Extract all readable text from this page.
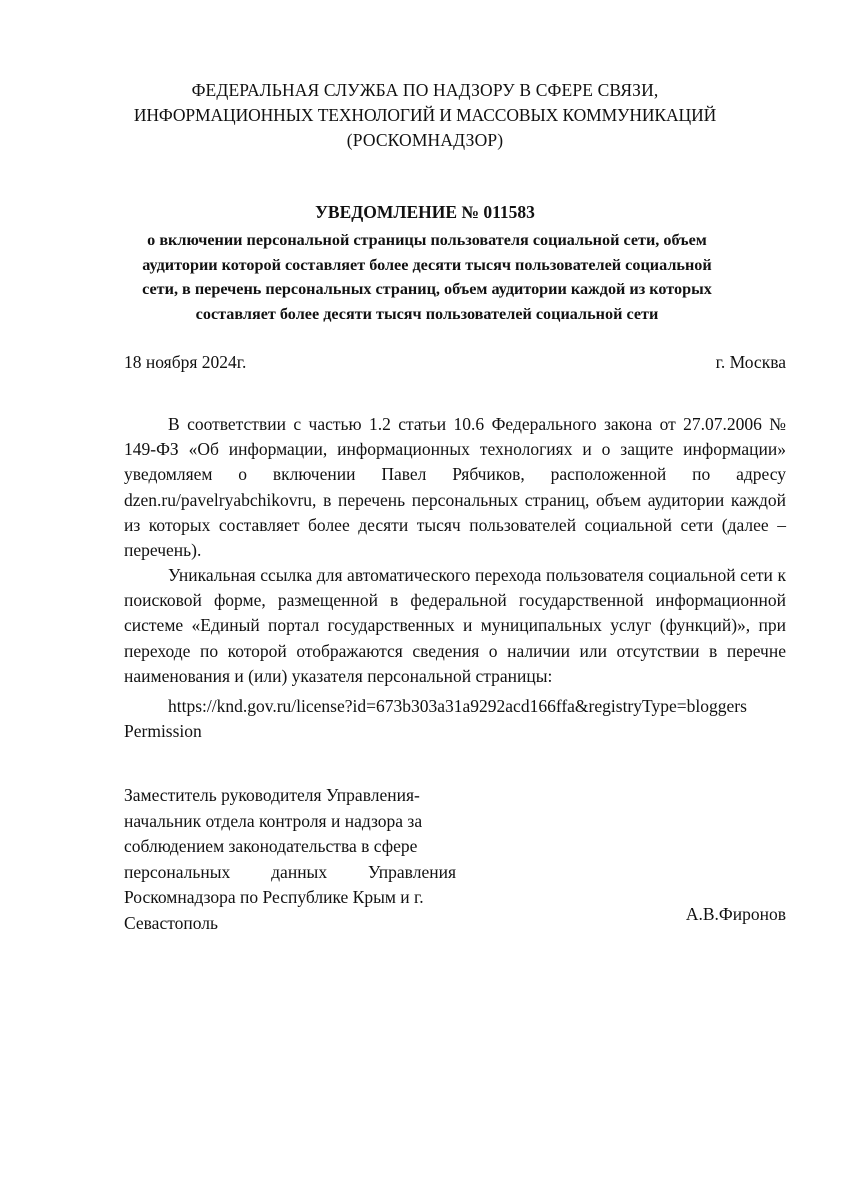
ФЕДЕРАЛЬНАЯ СЛУЖБА ПО НАДЗОРУ В СФЕРЕ СВЯЗИ,
ИНФОРМАЦИОННЫХ ТЕХНОЛОГИЙ И МАССОВЫХ КОММУНИКАЦИЙ
(РОСКОМНАДЗОР)
УВЕДОМЛЕНИЕ № 011583
о включении персональной страницы пользователя социальной сети, объем
аудитории которой составляет более десяти тысяч пользователей социальной
сети, в перечень персональных страниц, объем аудитории каждой из которых
составляет более десяти тысяч пользователей социальной сети
18 ноября 2024г.	г. Москва

В соответствии с частью 1.2 статьи 10.6 Федерального закона от 27.07.2006 № 149-ФЗ «Об информации, информационных технологиях и о защите информации» уведомляем о включении Павел Рябчиков, расположенной по адресу dzen.ru/pavelryabchikovru, в перечень персональных страниц, объем аудитории каждой из которых составляет более десяти тысяч пользователей социальной сети (далее – перечень).

Уникальная ссылка для автоматического перехода пользователя социальной сети к поисковой форме, размещенной в федеральной государственной информационной системе «Единый портал государственных и муниципальных услуг (функций)», при переходе по которой отображаются сведения о наличии или отсутствии в перечне наименования и (или) указателя персональной страницы:

https://knd.gov.ru/license?id=673b303a31a9292acd166ffa&registryType=bloggers
Permission
Заместитель руководителя Управления-
начальник отдела контроля и надзора за
соблюдением законодательства в сфере
персональных данных Управления
Роскомнадзора по Республике Крым и г.
Севастополь	А.В.Фиронов
